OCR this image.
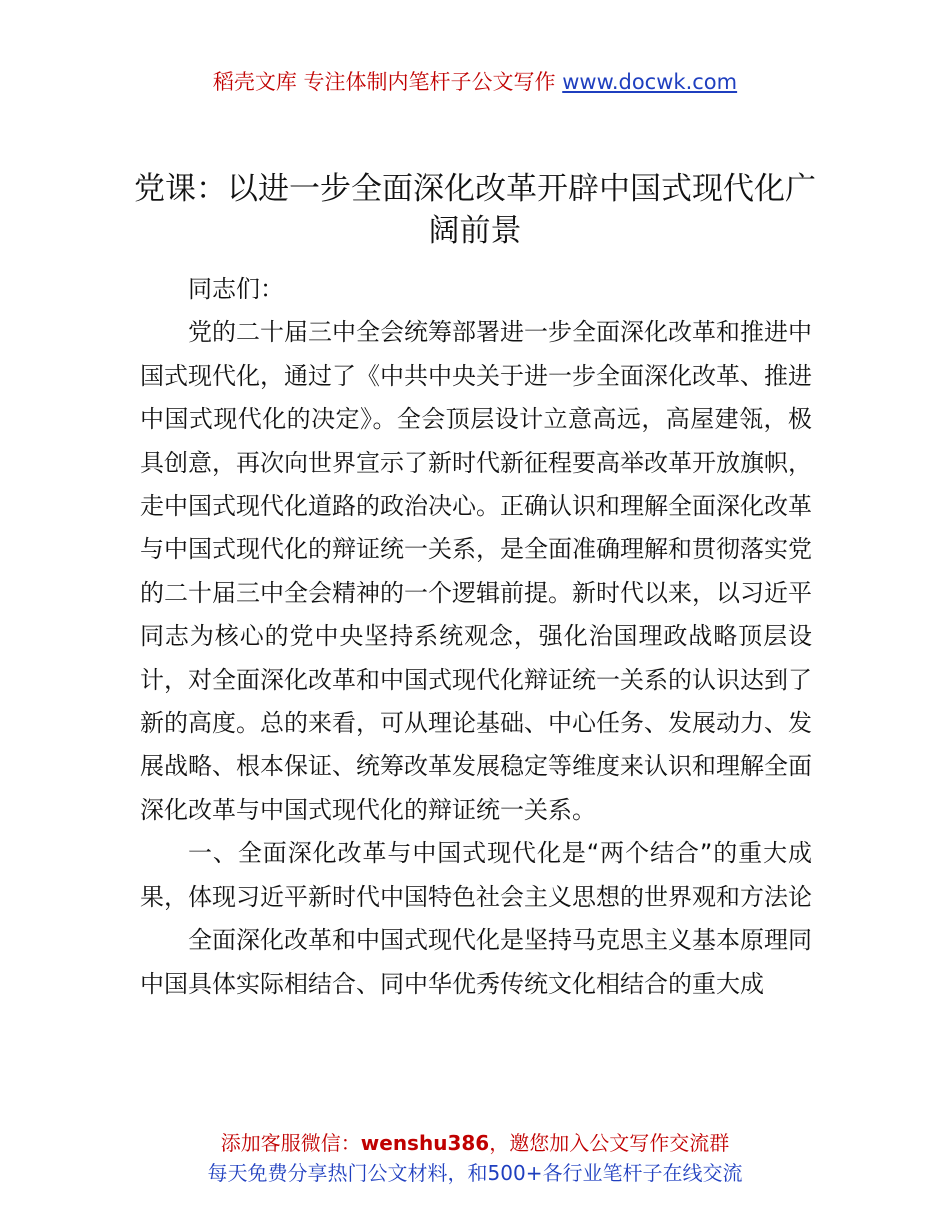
稻壳文库 专注体制内笔杆子公文写作 www.docwk.com
党课：以进一步全面深化改革开辟中国式现代化广阔前景

同志们：

党的二十届三中全会统筹部署进一步全面深化改革和推进中国式现代化，通过了《中共中央关于进一步全面深化改革、推进中国式现代化的决定》。全会顶层设计立意高远，高屋建瓴，极具创意，再次向世界宣示了新时代新征程要高举改革开放旗帜，走中国式现代化道路的政治决心。正确认识和理解全面深化改革与中国式现代化的辩证统一关系，是全面准确理解和贯彻落实党的二十届三中全会精神的一个逻辑前提。新时代以来，以习近平同志为核心的党中央坚持系统观念，强化治国理政战略顶层设计，对全面深化改革和中国式现代化辩证统一关系的认识达到了新的高度。总的来看，可从理论基础、中心任务、发展动力、发展战略、根本保证、统筹改革发展稳定等维度来认识和理解全面深化改革与中国式现代化的辩证统一关系。

一、全面深化改革与中国式现代化是“两个结合”的重大成果，体现习近平新时代中国特色社会主义思想的世界观和方法论

全面深化改革和中国式现代化是坚持马克思主义基本原理同中国具体实际相结合、同中华优秀传统文化相结合的重大成

添加客服微信：wenshu386，邀您加入公文写作交流群
每天免费分享热门公文材料，和500+各行业笔杆子在线交流
